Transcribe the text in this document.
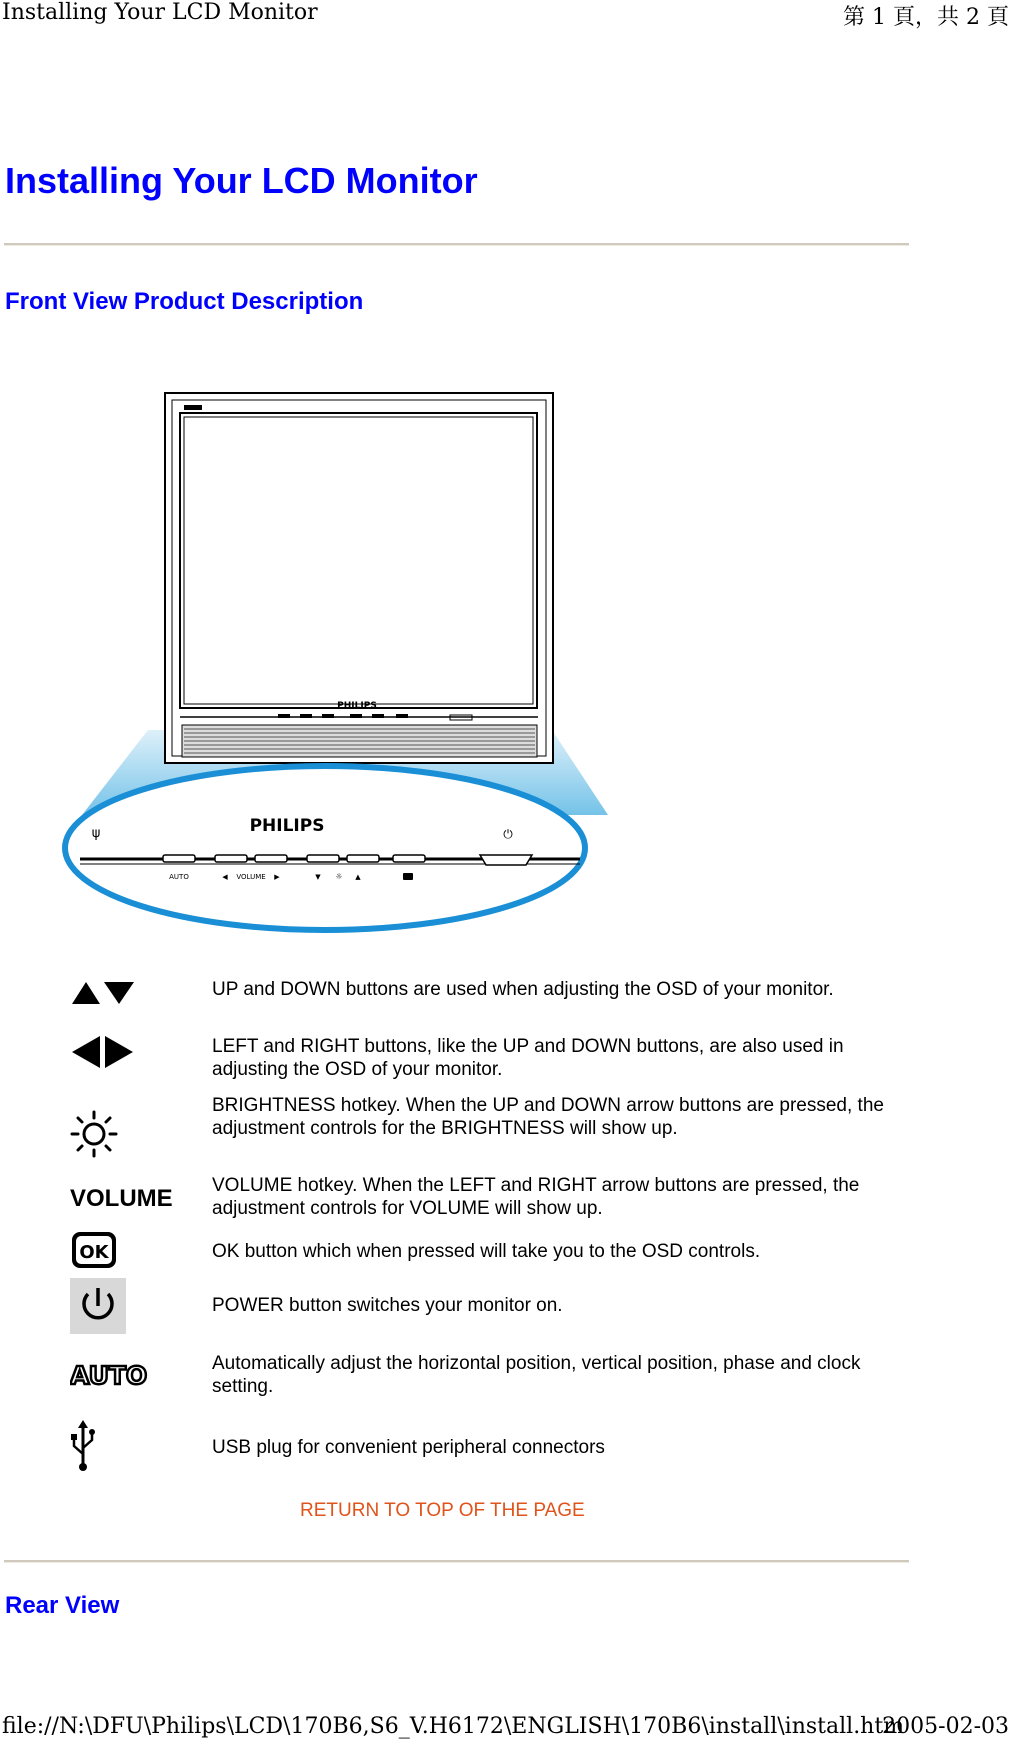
Installing Your LCD Monitor	第 1 頁，共 2 頁
Installing Your LCD Monitor
Front View Product Description
PHILIPS
PHILIPS	⏻
ψ
AUTO	◀ VOLUME ▶	▼ ☼ ▲
UP and DOWN buttons are used when adjusting the OSD of your monitor.
LEFT and RIGHT buttons, like the UP and DOWN buttons, are also used in adjusting the OSD of your monitor.
BRIGHTNESS hotkey. When the UP and DOWN arrow buttons are pressed, the adjustment controls for the BRIGHTNESS will show up.
VOLUME VOLUME hotkey. When the LEFT and RIGHT arrow buttons are pressed, the adjustment controls for VOLUME will show up.
OK	OK button which when pressed will take you to the OSD controls.
POWER button switches your monitor on.
AUTO	Automatically adjust the horizontal position, vertical position, phase and clock setting.
USB plug for convenient peripheral connectors
RETURN TO TOP OF THE PAGE
Rear View
file://N:\DFU\Philips\LCD\170B6,S6_V.H6172\ENGLISH\170B6\install\install.htm
2005-02-03
